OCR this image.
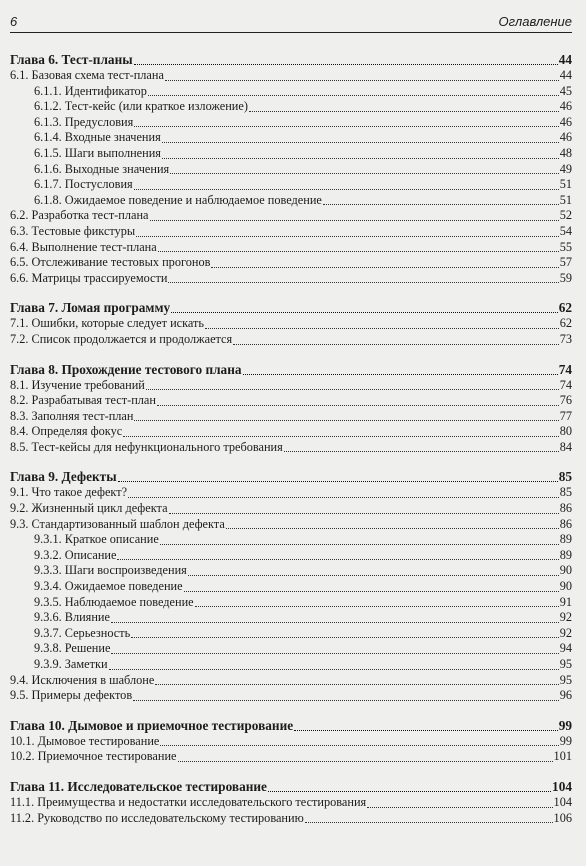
6	Оглавление
Глава 6. Тест-планы	44
6.1. Базовая схема тест-плана	44
6.1.1. Идентификатор	45
6.1.2. Тест-кейс (или краткое изложение)	46
6.1.3. Предусловия	46
6.1.4. Входные значения	46
6.1.5. Шаги выполнения	48
6.1.6. Выходные значения	49
6.1.7. Постусловия	51
6.1.8. Ожидаемое поведение и наблюдаемое поведение	51
6.2. Разработка тест-плана	52
6.3. Тестовые фикстуры	54
6.4. Выполнение тест-плана	55
6.5. Отслеживание тестовых прогонов	57
6.6. Матрицы трассируемости	59
Глава 7. Ломая программу	62
7.1. Ошибки, которые следует искать	62
7.2. Список продолжается и продолжается	73
Глава 8. Прохождение тестового плана	74
8.1. Изучение требований	74
8.2. Разрабатывая тест-план	76
8.3. Заполняя тест-план	77
8.4. Определяя фокус	80
8.5. Тест-кейсы для нефункционального требования	84
Глава 9. Дефекты	85
9.1. Что такое дефект?	85
9.2. Жизненный цикл дефекта	86
9.3. Стандартизованный шаблон дефекта	86
9.3.1. Краткое описание	89
9.3.2. Описание	89
9.3.3. Шаги воспроизведения	90
9.3.4. Ожидаемое поведение	90
9.3.5. Наблюдаемое поведение	91
9.3.6. Влияние	92
9.3.7. Серьезность	92
9.3.8. Решение	94
9.3.9. Заметки	95
9.4. Исключения в шаблоне	95
9.5. Примеры дефектов	96
Глава 10. Дымовое и приемочное тестирование	99
10.1. Дымовое тестирование	99
10.2. Приемочное тестирование	101
Глава 11. Исследовательское тестирование	104
11.1. Преимущества и недостатки исследовательского тестирования	104
11.2. Руководство по исследовательскому тестированию	106
